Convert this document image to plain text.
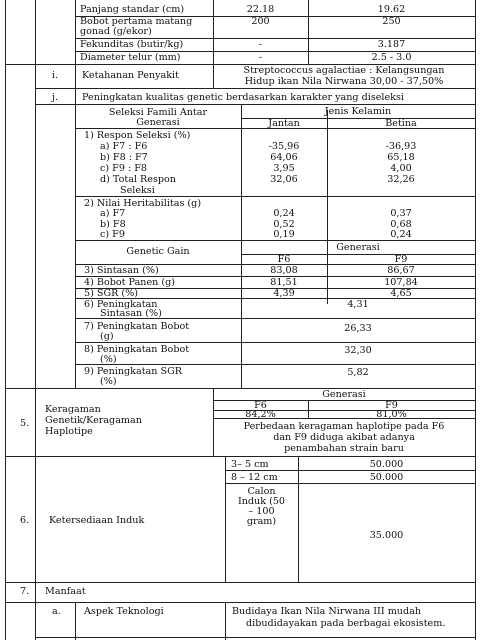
Panjang standar (cm)	22.18	19.62
Bobot pertama matang
gonad (g/ekor)
200	250
Fekunditas (butir/kg)	-	3.187
Diameter telur (mm)	-	2.5 - 3.0
i. Ketahanan Penyakit	Streptococcus agalactiae : Kelangsungan
Hidup ikan Nila Nirwana 30,00 - 37,50%
j. Peningkatan kualitas genetic berdasarkan karakter yang diseleksi
Seleksi Famili Antar
Generasi
Jenis Kelamin
Jantan	Betina
1) Respon Seleksi (%)
a) F7 : F6	-35,96	-36,93
b) F8 : F7	64,06	65,18
c) F9 : F8	3,95	4,00
d) Total Respon
Seleksi
32,06	32,26
2) Nilai Heritabilitas (g)
a) F7	0,24	0,37
b) F8	0,52	0,68
c) F9	0,19	0,24
Genetic Gain	Generasi
F6	F9
3) Sintasan (%)	83,08	86,67
4) Bobot Panen (g)	81,51	107,84
5) SGR (%)	4,39	4,65
6) Peningkatan
Sintasan (%)
4,31
7) Peningkatan Bobot
(g)
26,33
8) Peningkatan Bobot
(%)
32,30
9) Peningkatan SGR
(%)
5,82
5.
Keragaman
Genetik/Keragaman
Haplotipe
Generasi
F6	F9
84,2%	81,0%
Perbedaan keragaman haplotipe pada F6
dan F9 diduga akibat adanya
penambahan strain baru
6. Ketersediaan Induk
3– 5 cm	50.000
8 – 12 cm	50.000
Calon
Induk (50
– 100
gram)
35.000
7. Manfaat
a. Aspek Teknologi	Budidaya Ikan Nila Nirwana III mudah
dibudidayakan pada berbagai ekosistem.
